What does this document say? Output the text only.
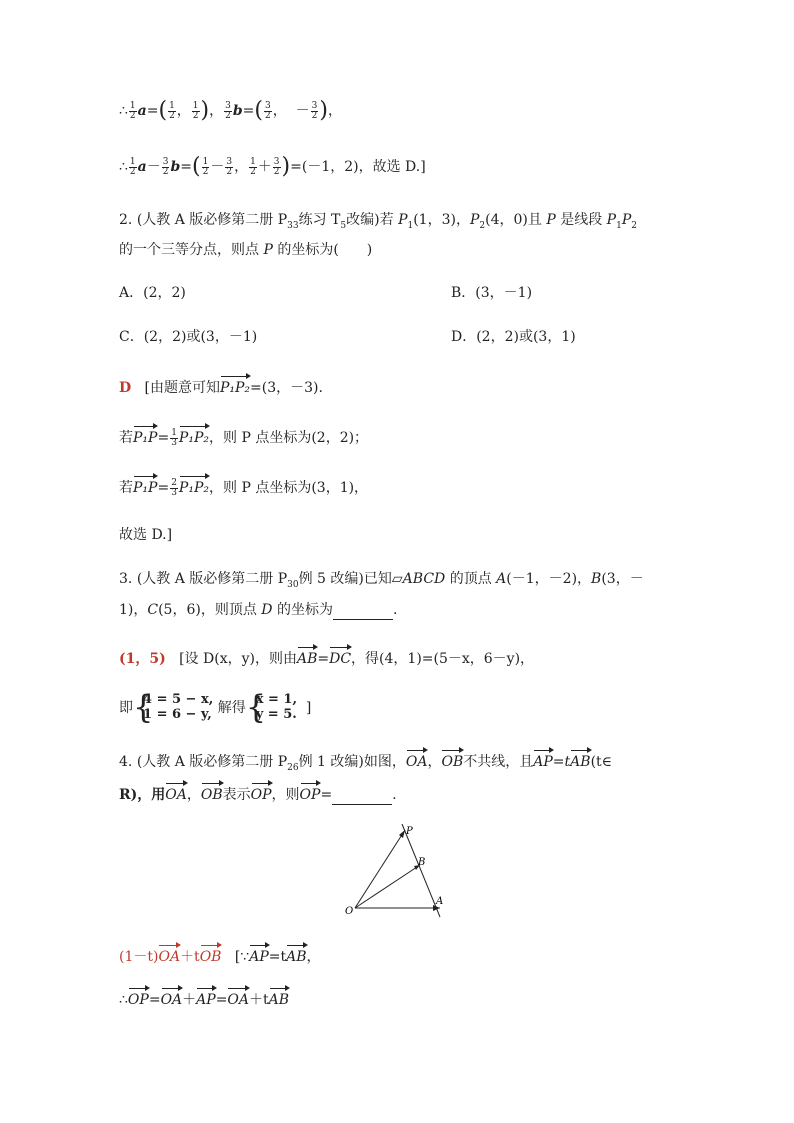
∴ $\frac{1}{2} a=( \frac{1}{2}$ ， $\frac{1}{2}$ )， $\frac{3}{2} b=( \frac{3}{2}$ ，  － $\frac{3}{2}$ )，
∴ $\frac{1}{2} a- \frac{3}{2} b=( \frac{1}{2} - \frac{3}{2}$ ， $\frac{1}{2} + \frac{3}{2} )=(-1$，2)，故选 D.]
2. (人教 A 版必修第二册 $P_{33}$练习 $T_5$改编)若 $P_1(1$，3)，$P_2(4$，0)且 P 是线段 $P_1P_2$
的一个三等分点，则点 P 的坐标为(　　)
A．(2，2)	B．(3，－1)
C．(2，2)或(3，－1)	D．(2，2)或(3，1)
D [由题意可知P₁P₂=(3，－3).
若$P_1P= \frac{1}{3} P_1P_2$，则 P 点坐标为(2，2)；
若$P_1P= \frac{2}{3} P_1P_2$，则 P 点坐标为(3，1)，
故选 D.]
3. (人教 A 版必修第二册 $P_{30}$例 5 改编)已知▱ABCD 的顶点 A(－1，－2)，B(3，－
1)，C(5，6)，则顶点 D 的坐标为	.
(1，5) [设 D(x，y)，则由AB=DC，得(4，1)=(5－x，6－y)，
即 {
4 = 5 − x,
1 = 6 − y, 解得 {
x = 1,
y = 5. ]
4. (人教 A 版必修第二册 $P_{26}$例 1 改编)如图，OA，OB不共线，且AP=tAB(t∈
R)，用OA，OB表示OP，则OP=	.
P
B
O
A
(1－t)OA＋tOB [∵AP=tAB，
∴OP=OA＋AP=OA＋tAB
